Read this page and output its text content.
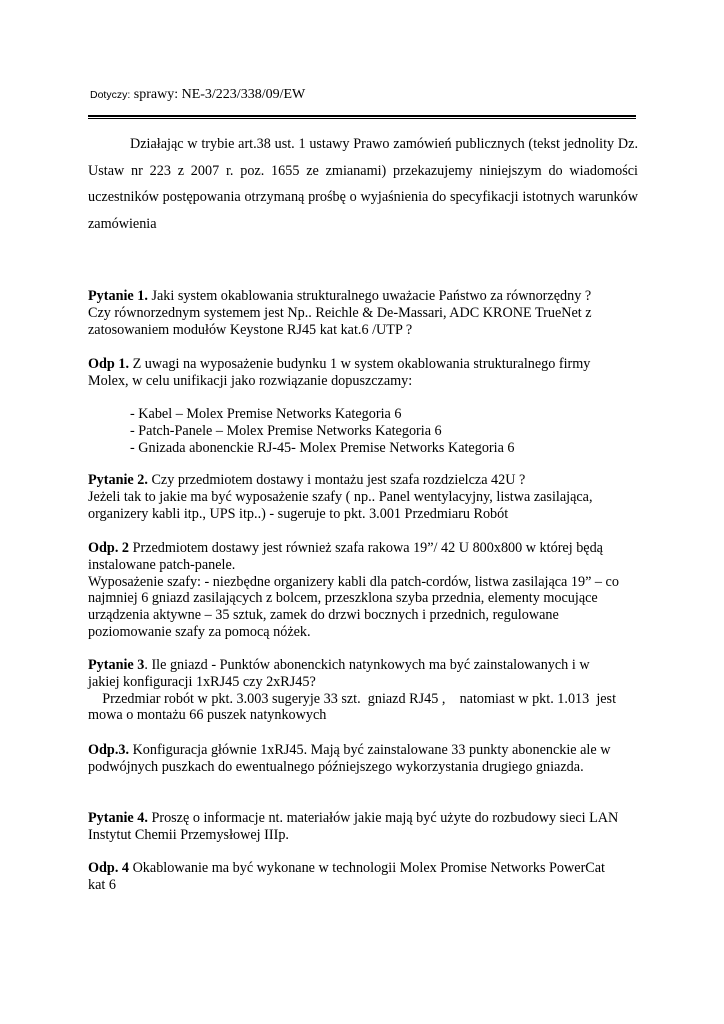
Dotyczy: sprawy: NE-3/223/338/09/EW

Działając w trybie art.38 ust. 1 ustawy Prawo zamówień publicznych (tekst jednolity Dz. Ustaw nr 223 z 2007 r. poz. 1655 ze zmianami) przekazujemy niniejszym do wiadomości uczestników postępowania otrzymaną prośbę o wyjaśnienia do specyfikacji istotnych warunków zamówienia

Pytanie 1. Jaki system okablowania strukturalnego uważacie Państwo za równorzędny ?
Czy równorzednym systemem jest Np.. Reichle & De-Massari, ADC KRONE TrueNet z
zatosowaniem modułów Keystone RJ45 kat kat.6 /UTP ?
Odp 1. Z uwagi na wyposażenie budynku 1 w system okablowania strukturalnego firmy
Molex, w celu unifikacji jako rozwiązanie dopuszczamy:
- Kabel – Molex Premise Networks Kategoria 6
- Patch-Panele – Molex Premise Networks Kategoria 6
- Gnizada abonenckie RJ-45- Molex Premise Networks Kategoria 6
Pytanie 2. Czy przedmiotem dostawy i montażu jest szafa rozdzielcza 42U ?
Jeżeli tak to jakie ma być wyposażenie szafy ( np.. Panel wentylacyjny, listwa zasilająca,
organizery kabli itp., UPS itp..) - sugeruje to pkt. 3.001 Przedmiaru Robót
Odp. 2 Przedmiotem dostawy jest również szafa rakowa 19”/ 42 U 800x800 w której będą
instalowane patch-panele.
Wyposażenie szafy: - niezbędne organizery kabli dla patch-cordów, listwa zasilająca 19” – co
najmniej 6 gniazd zasilających z bolcem, przeszklona szyba przednia, elementy mocujące
urządzenia aktywne – 35 sztuk, zamek do drzwi bocznych i przednich, regulowane
poziomowanie szafy za pomocą nóżek.
Pytanie 3. Ile gniazd - Punktów abonenckich natynkowych ma być zainstalowanych i w
jakiej konfiguracji 1xRJ45 czy 2xRJ45?
Przedmiar robót w pkt. 3.003 sugeryje 33 szt.  gniazd RJ45 ,    natomiast w pkt. 1.013  jest
mowa o montażu 66 puszek natynkowych
Odp.3. Konfiguracja głównie 1xRJ45. Mają być zainstalowane 33 punkty abonenckie ale w
podwójnych puszkach do ewentualnego późniejszego wykorzystania drugiego gniazda.
Pytanie 4. Proszę o informacje nt. materiałów jakie mają być użyte do rozbudowy sieci LAN
Instytut Chemii Przemysłowej IIIp.
Odp. 4 Okablowanie ma być wykonane w technologii Molex Promise Networks PowerCat
kat 6
